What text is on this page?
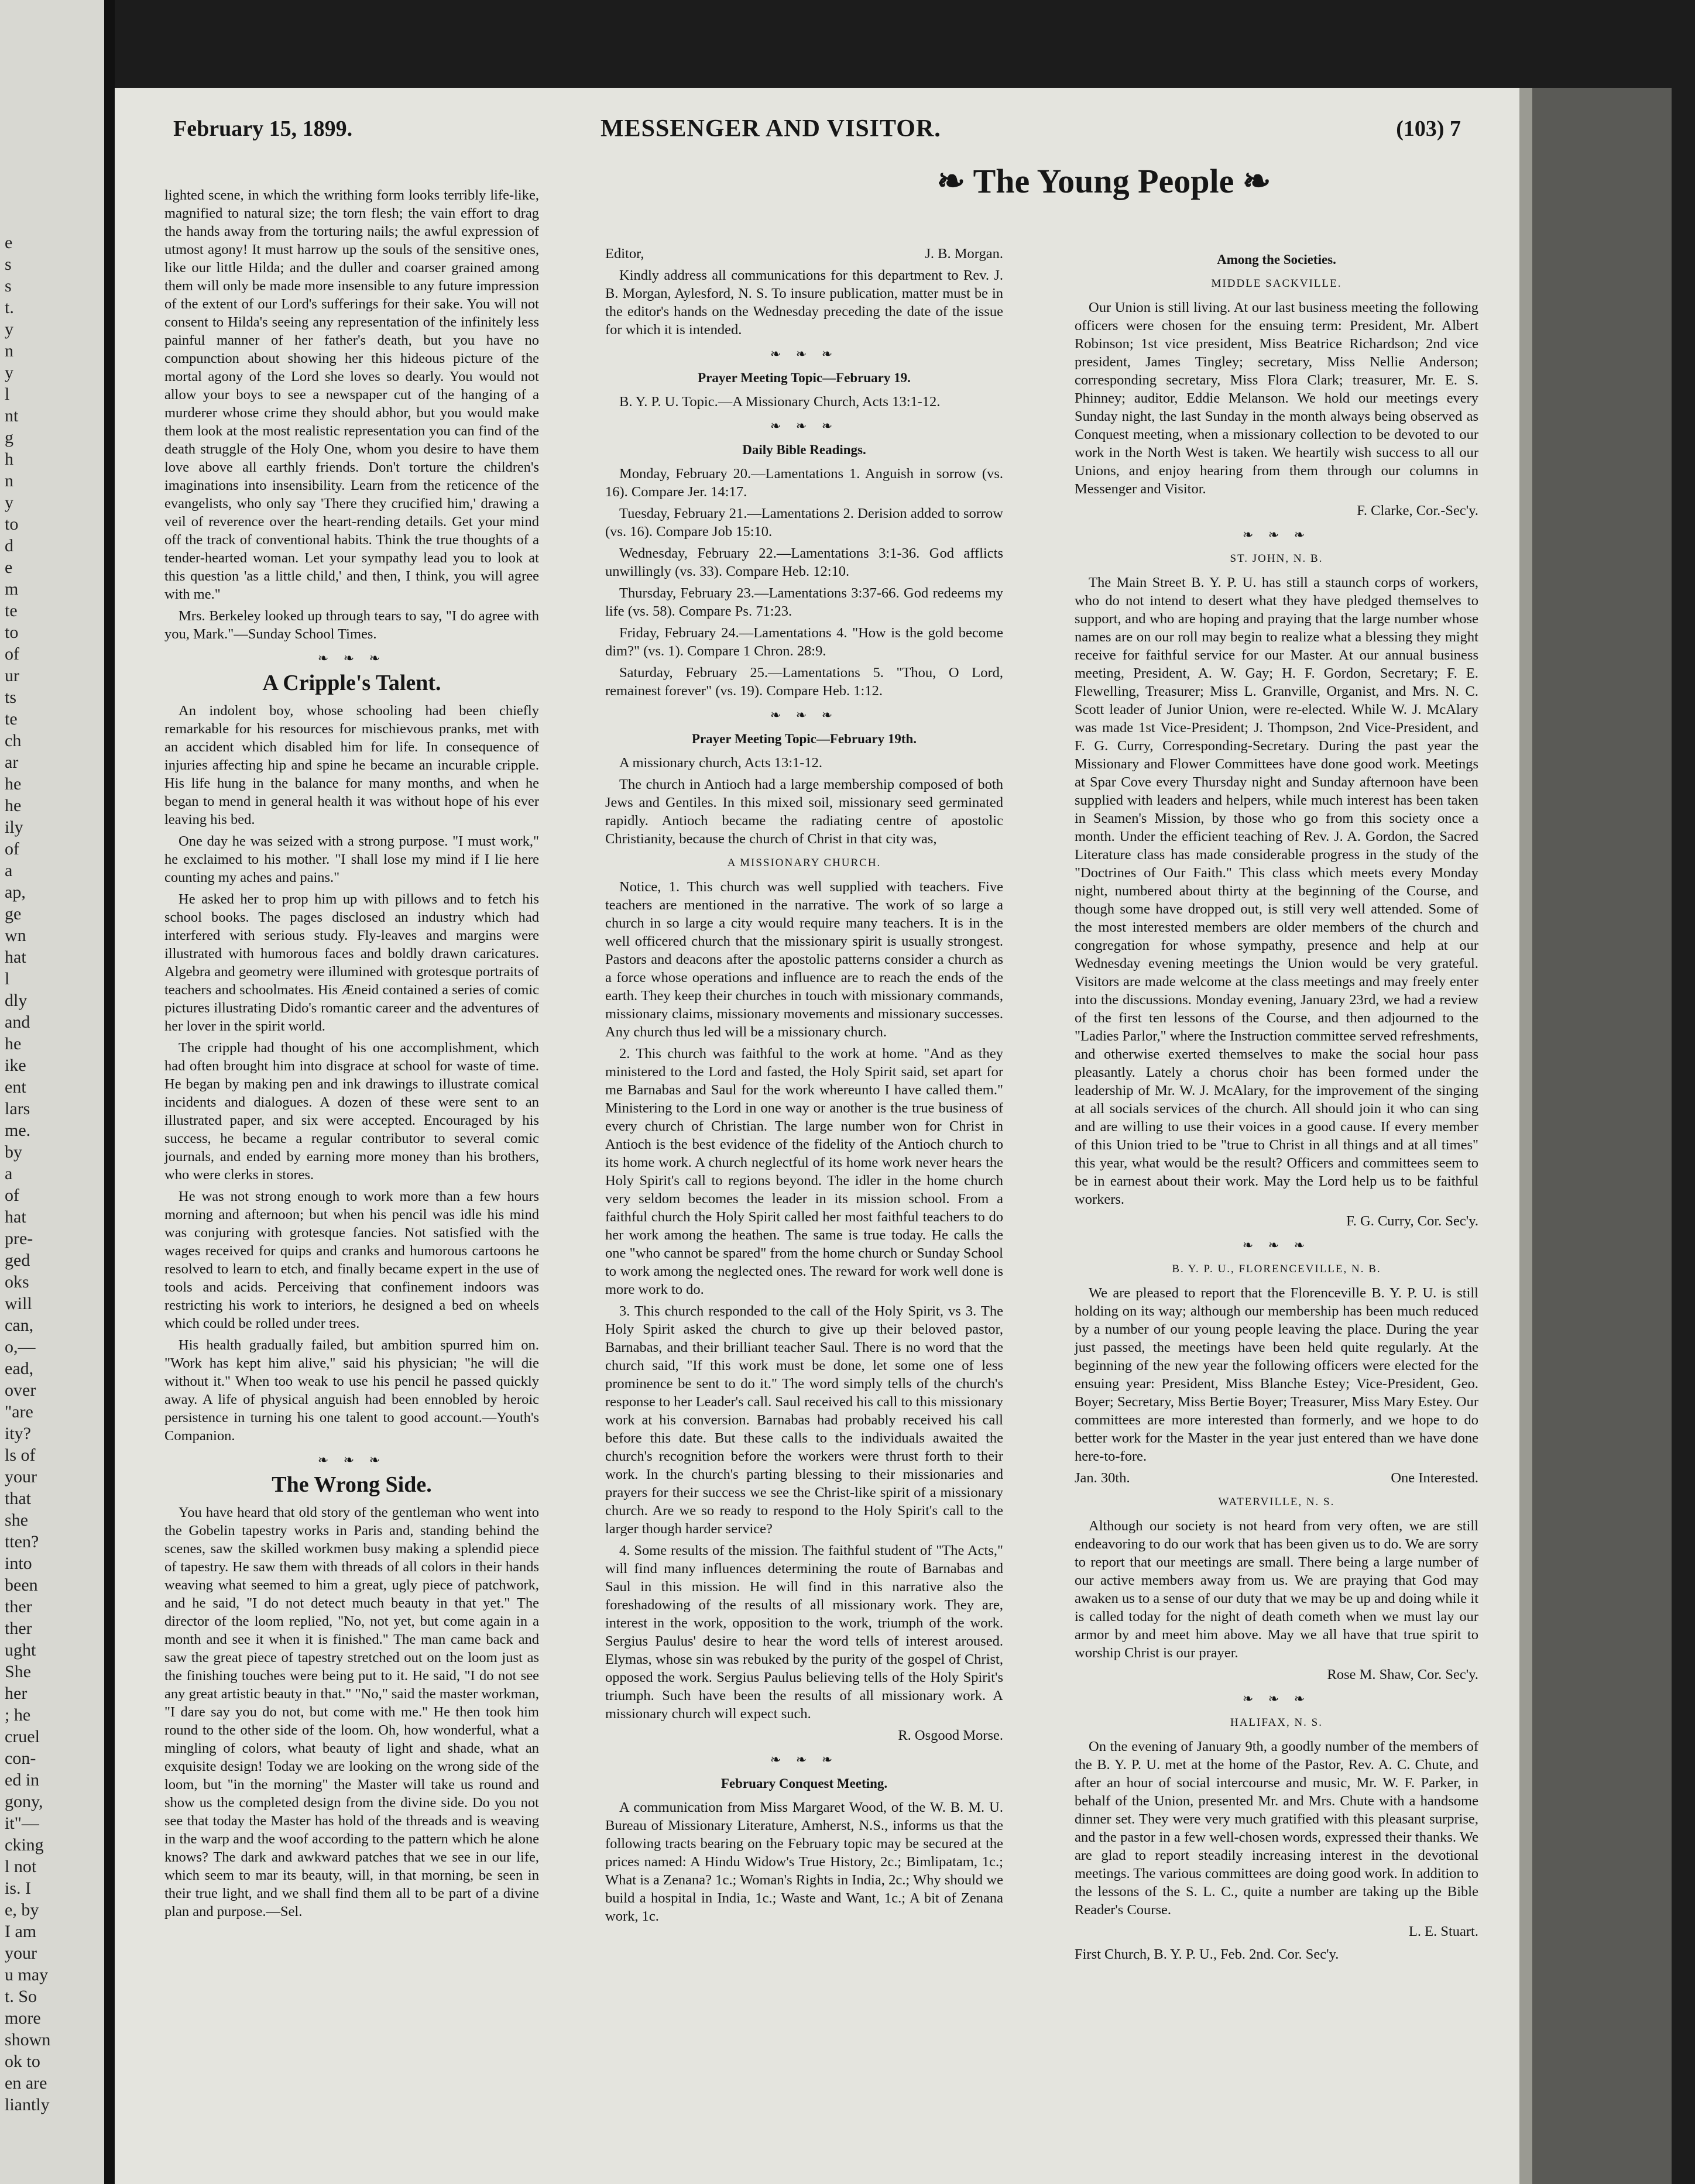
e
s
s
t.
y
n
y
l
nt
g
h
n
y
to
d
e
m
te
to
of
ur
ts
te
ch
ar
he
he
ily
of
a
ap,
ge
wn
hat
l
dly
and
he
ike
ent
lars
me.
by
a
of
hat
pre-
ged
oks
will
can,
o,—
ead,
over
"are
ity?
ls of
your
that
she
tten?
into
been
ther
ther
ught
She
her
; he
cruel
con-
ed in
gony,
it"—
cking
l not
is. I
e, by
I am
your
u may
t. So
more
shown
ok to
en are
liantly
February 15, 1899.	MESSENGER AND VISITOR.	(103) 7
❧ The Young People ❧

lighted scene, in which the writhing form looks terribly life-like, magnified to natural size; the torn flesh; the vain effort to drag the hands away from the torturing nails; the awful expression of utmost agony! It must harrow up the souls of the sensitive ones, like our little Hilda; and the duller and coarser grained among them will only be made more insensible to any future impression of the extent of our Lord's sufferings for their sake. You will not consent to Hilda's seeing any representation of the infinitely less painful manner of her father's death, but you have no compunction about showing her this hideous picture of the mortal agony of the Lord she loves so dearly. You would not allow your boys to see a newspaper cut of the hanging of a murderer whose crime they should abhor, but you would make them look at the most realistic representation you can find of the death struggle of the Holy One, whom you desire to have them love above all earthly friends. Don't torture the children's imaginations into insensibility. Learn from the reticence of the evangelists, who only say 'There they crucified him,' drawing a veil of reverence over the heart-rending details. Get your mind off the track of conventional habits. Think the true thoughts of a tender-hearted woman. Let your sympathy lead you to look at this question 'as a little child,' and then, I think, you will agree with me."

Mrs. Berkeley looked up through tears to say, "I do agree with you, Mark."—Sunday School Times.

❧ ❧ ❧
A Cripple's Talent.

An indolent boy, whose schooling had been chiefly remarkable for his resources for mischievous pranks, met with an accident which disabled him for life. In consequence of injuries affecting hip and spine he became an incurable cripple. His life hung in the balance for many months, and when he began to mend in general health it was without hope of his ever leaving his bed.

One day he was seized with a strong purpose. "I must work," he exclaimed to his mother. "I shall lose my mind if I lie here counting my aches and pains."

He asked her to prop him up with pillows and to fetch his school books. The pages disclosed an industry which had interfered with serious study. Fly-leaves and margins were illustrated with humorous faces and boldly drawn caricatures. Algebra and geometry were illumined with grotesque portraits of teachers and schoolmates. His Æneid contained a series of comic pictures illustrating Dido's romantic career and the adventures of her lover in the spirit world.

The cripple had thought of his one accomplishment, which had often brought him into disgrace at school for waste of time. He began by making pen and ink drawings to illustrate comical incidents and dialogues. A dozen of these were sent to an illustrated paper, and six were accepted. Encouraged by his success, he became a regular contributor to several comic journals, and ended by earning more money than his brothers, who were clerks in stores.

He was not strong enough to work more than a few hours morning and afternoon; but when his pencil was idle his mind was conjuring with grotesque fancies. Not satisfied with the wages received for quips and cranks and humorous cartoons he resolved to learn to etch, and finally became expert in the use of tools and acids. Perceiving that confinement indoors was restricting his work to interiors, he designed a bed on wheels which could be rolled under trees.

His health gradually failed, but ambition spurred him on. "Work has kept him alive," said his physician; "he will die without it." When too weak to use his pencil he passed quickly away. A life of physical anguish had been ennobled by heroic persistence in turning his one talent to good account.—Youth's Companion.

❧ ❧ ❧
The Wrong Side.

You have heard that old story of the gentleman who went into the Gobelin tapestry works in Paris and, standing behind the scenes, saw the skilled workmen busy making a splendid piece of tapestry. He saw them with threads of all colors in their hands weaving what seemed to him a great, ugly piece of patchwork, and he said, "I do not detect much beauty in that yet." The director of the loom replied, "No, not yet, but come again in a month and see it when it is finished." The man came back and saw the great piece of tapestry stretched out on the loom just as the finishing touches were being put to it. He said, "I do not see any great artistic beauty in that." "No," said the master workman, "I dare say you do not, but come with me." He then took him round to the other side of the loom. Oh, how wonderful, what a mingling of colors, what beauty of light and shade, what an exquisite design! Today we are looking on the wrong side of the loom, but "in the morning" the Master will take us round and show us the completed design from the divine side. Do you not see that today the Master has hold of the threads and is weaving in the warp and the woof according to the pattern which he alone knows? The dark and awkward patches that we see in our life, which seem to mar its beauty, will, in that morning, be seen in their true light, and we shall find them all to be part of a divine plan and purpose.—Sel.

Editor,	J. B. Morgan.

Kindly address all communications for this department to Rev. J. B. Morgan, Aylesford, N. S. To insure publication, matter must be in the editor's hands on the Wednesday preceding the date of the issue for which it is intended.

❧ ❧ ❧
Prayer Meeting Topic—February 19.

B. Y. P. U. Topic.—A Missionary Church, Acts 13:1-12.

❧ ❧ ❧
Daily Bible Readings.

Monday, February 20.—Lamentations 1. Anguish in sorrow (vs. 16). Compare Jer. 14:17.

Tuesday, February 21.—Lamentations 2. Derision added to sorrow (vs. 16). Compare Job 15:10.

Wednesday, February 22.—Lamentations 3:1-36. God afflicts unwillingly (vs. 33). Compare Heb. 12:10.

Thursday, February 23.—Lamentations 3:37-66. God redeems my life (vs. 58). Compare Ps. 71:23.

Friday, February 24.—Lamentations 4. "How is the gold become dim?" (vs. 1). Compare 1 Chron. 28:9.

Saturday, February 25.—Lamentations 5. "Thou, O Lord, remainest forever" (vs. 19). Compare Heb. 1:12.

❧ ❧ ❧
Prayer Meeting Topic—February 19th.

A missionary church, Acts 13:1-12.

The church in Antioch had a large membership composed of both Jews and Gentiles. In this mixed soil, missionary seed germinated rapidly. Antioch became the radiating centre of apostolic Christianity, because the church of Christ in that city was,

A MISSIONARY CHURCH.

Notice, 1. This church was well supplied with teachers. Five teachers are mentioned in the narrative. The work of so large a church in so large a city would require many teachers. It is in the well officered church that the missionary spirit is usually strongest. Pastors and deacons after the apostolic patterns consider a church as a force whose operations and influence are to reach the ends of the earth. They keep their churches in touch with missionary commands, missionary claims, missionary movements and missionary successes. Any church thus led will be a missionary church.

2. This church was faithful to the work at home. "And as they ministered to the Lord and fasted, the Holy Spirit said, set apart for me Barnabas and Saul for the work whereunto I have called them." Ministering to the Lord in one way or another is the true business of every church of Christian. The large number won for Christ in Antioch is the best evidence of the fidelity of the Antioch church to its home work. A church neglectful of its home work never hears the Holy Spirit's call to regions beyond. The idler in the home church very seldom becomes the leader in its mission school. From a faithful church the Holy Spirit called her most faithful teachers to do her work among the heathen. The same is true today. He calls the one "who cannot be spared" from the home church or Sunday School to work among the neglected ones. The reward for work well done is more work to do.

3. This church responded to the call of the Holy Spirit, vs 3. The Holy Spirit asked the church to give up their beloved pastor, Barnabas, and their brilliant teacher Saul. There is no word that the church said, "If this work must be done, let some one of less prominence be sent to do it." The word simply tells of the church's response to her Leader's call. Saul received his call to this missionary work at his conversion. Barnabas had probably received his call before this date. But these calls to the individuals awaited the church's recognition before the workers were thrust forth to their work. In the church's parting blessing to their missionaries and prayers for their success we see the Christ-like spirit of a missionary church. Are we so ready to respond to the Holy Spirit's call to the larger though harder service?

4. Some results of the mission. The faithful student of "The Acts," will find many influences determining the route of Barnabas and Saul in this mission. He will find in this narrative also the foreshadowing of the results of all missionary work. They are, interest in the work, opposition to the work, triumph of the work. Sergius Paulus' desire to hear the word tells of interest aroused. Elymas, whose sin was rebuked by the purity of the gospel of Christ, opposed the work. Sergius Paulus believing tells of the Holy Spirit's triumph. Such have been the results of all missionary work. A missionary church will expect such.

R. Osgood Morse.
❧ ❧ ❧
February Conquest Meeting.

A communication from Miss Margaret Wood, of the W. B. M. U. Bureau of Missionary Literature, Amherst, N.S., informs us that the following tracts bearing on the February topic may be secured at the prices named: A Hindu Widow's True History, 2c.; Bimlipatam, 1c.; What is a Zenana? 1c.; Woman's Rights in India, 2c.; Why should we build a hospital in India, 1c.; Waste and Want, 1c.; A bit of Zenana work, 1c.

Among the Societies.
MIDDLE SACKVILLE.

Our Union is still living. At our last business meeting the following officers were chosen for the ensuing term: President, Mr. Albert Robinson; 1st vice president, Miss Beatrice Richardson; 2nd vice president, James Tingley; secretary, Miss Nellie Anderson; corresponding secretary, Miss Flora Clark; treasurer, Mr. E. S. Phinney; auditor, Eddie Melanson. We hold our meetings every Sunday night, the last Sunday in the month always being observed as Conquest meeting, when a missionary collection to be devoted to our work in the North West is taken. We heartily wish success to all our Unions, and enjoy hearing from them through our columns in Messenger and Visitor.

F. Clarke, Cor.-Sec'y.
❧ ❧ ❧
ST. JOHN, N. B.

The Main Street B. Y. P. U. has still a staunch corps of workers, who do not intend to desert what they have pledged themselves to support, and who are hoping and praying that the large number whose names are on our roll may begin to realize what a blessing they might receive for faithful service for our Master. At our annual business meeting, President, A. W. Gay; H. F. Gordon, Secretary; F. E. Flewelling, Treasurer; Miss L. Granville, Organist, and Mrs. N. C. Scott leader of Junior Union, were re-elected. While W. J. McAlary was made 1st Vice-President; J. Thompson, 2nd Vice-President, and F. G. Curry, Corresponding-Secretary. During the past year the Missionary and Flower Committees have done good work. Meetings at Spar Cove every Thursday night and Sunday afternoon have been supplied with leaders and helpers, while much interest has been taken in Seamen's Mission, by those who go from this society once a month. Under the efficient teaching of Rev. J. A. Gordon, the Sacred Literature class has made considerable progress in the study of the "Doctrines of Our Faith." This class which meets every Monday night, numbered about thirty at the beginning of the Course, and though some have dropped out, is still very well attended. Some of the most interested members are older members of the church and congregation for whose sympathy, presence and help at our Wednesday evening meetings the Union would be very grateful. Visitors are made welcome at the class meetings and may freely enter into the discussions. Monday evening, January 23rd, we had a review of the first ten lessons of the Course, and then adjourned to the "Ladies Parlor," where the Instruction committee served refreshments, and otherwise exerted themselves to make the social hour pass pleasantly. Lately a chorus choir has been formed under the leadership of Mr. W. J. McAlary, for the improvement of the singing at all socials services of the church. All should join it who can sing and are willing to use their voices in a good cause. If every member of this Union tried to be "true to Christ in all things and at all times" this year, what would be the result? Officers and committees seem to be in earnest about their work. May the Lord help us to be faithful workers.

F. G. Curry, Cor. Sec'y.
❧ ❧ ❧
B. Y. P. U., FLORENCEVILLE, N. B.

We are pleased to report that the Florenceville B. Y. P. U. is still holding on its way; although our membership has been much reduced by a number of our young people leaving the place. During the year just passed, the meetings have been held quite regularly. At the beginning of the new year the following officers were elected for the ensuing year: President, Miss Blanche Estey; Vice-President, Geo. Boyer; Secretary, Miss Bertie Boyer; Treasurer, Miss Mary Estey. Our committees are more interested than formerly, and we hope to do better work for the Master in the year just entered than we have done here-to-fore.

Jan. 30th.	One Interested.
WATERVILLE, N. S.

Although our society is not heard from very often, we are still endeavoring to do our work that has been given us to do. We are sorry to report that our meetings are small. There being a large number of our active members away from us. We are praying that God may awaken us to a sense of our duty that we may be up and doing while it is called today for the night of death cometh when we must lay our armor by and meet him above. May we all have that true spirit to worship Christ is our prayer.

Rose M. Shaw, Cor. Sec'y.
❧ ❧ ❧
HALIFAX, N. S.

On the evening of January 9th, a goodly number of the members of the B. Y. P. U. met at the home of the Pastor, Rev. A. C. Chute, and after an hour of social intercourse and music, Mr. W. F. Parker, in behalf of the Union, presented Mr. and Mrs. Chute with a handsome dinner set. They were very much gratified with this pleasant surprise, and the pastor in a few well-chosen words, expressed their thanks. We are glad to report steadily increasing interest in the devotional meetings. The various committees are doing good work. In addition to the lessons of the S. L. C., quite a number are taking up the Bible Reader's Course.

L. E. Stuart.

First Church, B. Y. P. U., Feb. 2nd. Cor. Sec'y.
